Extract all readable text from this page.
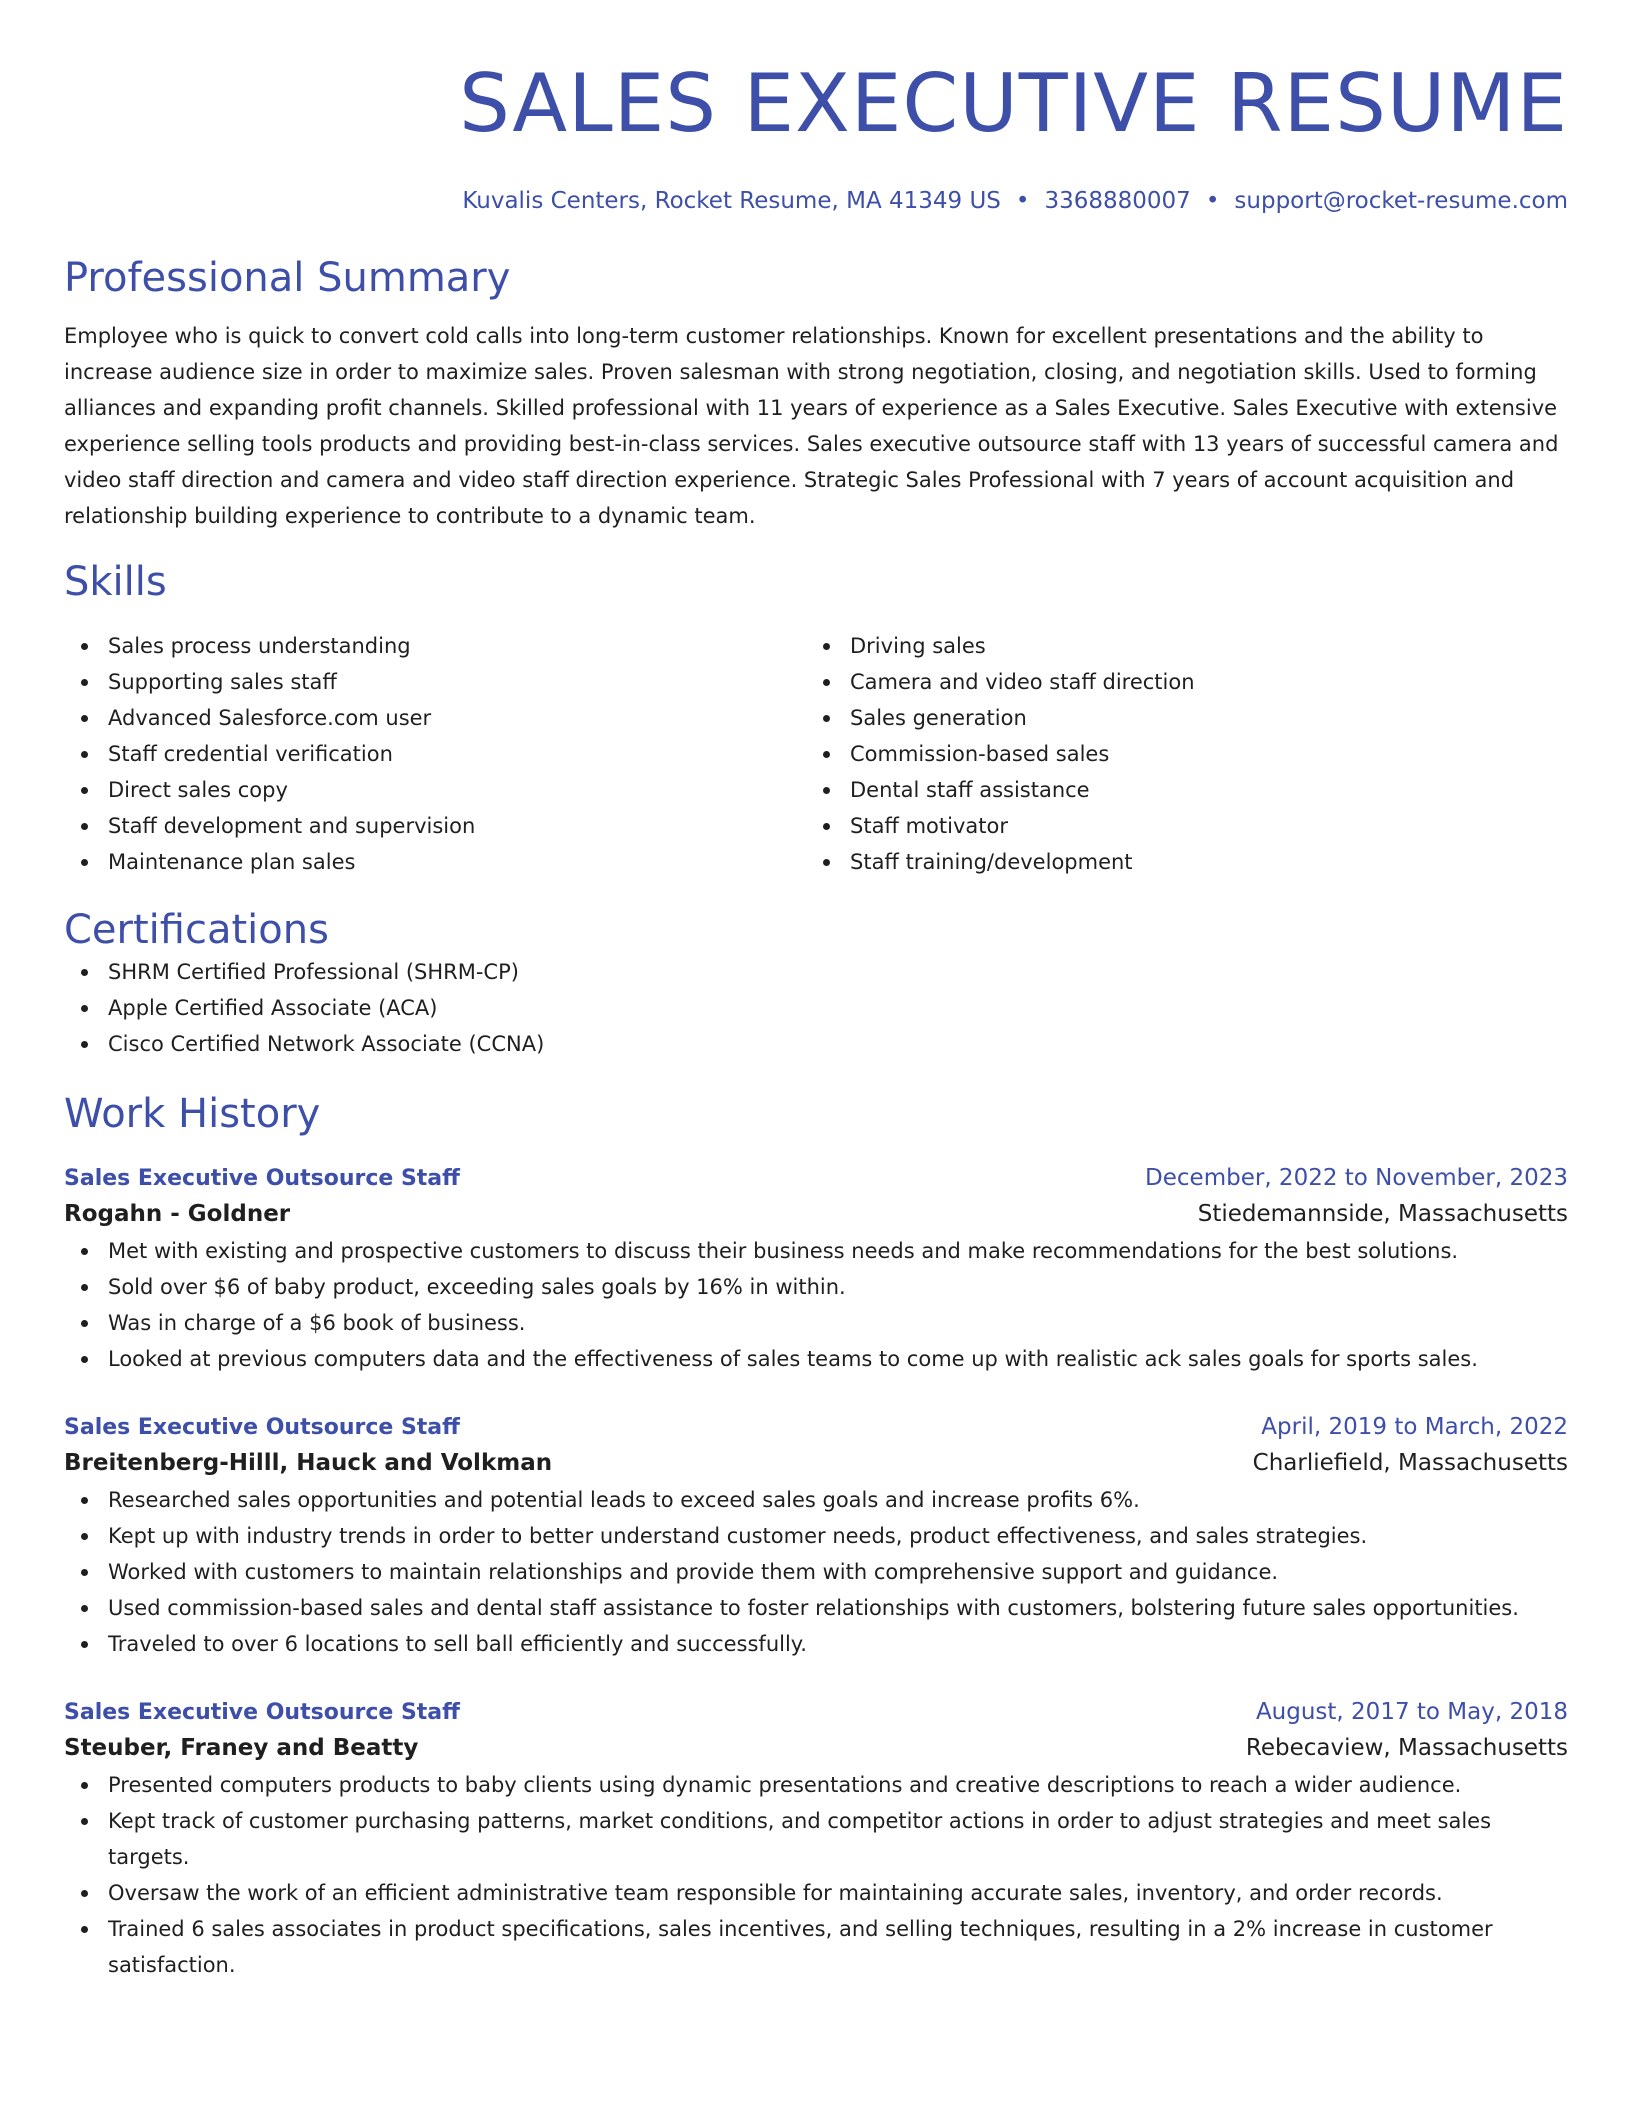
SALES EXECUTIVE RESUME
Kuvalis Centers, Rocket Resume, MA 41349 US • 3368880007 • support@rocket-resume.com
Professional Summary
Employee who is quick to convert cold calls into long-term customer relationships. Known for excellent presentations and the ability to increase audience size in order to maximize sales. Proven salesman with strong negotiation, closing, and negotiation skills. Used to forming alliances and expanding profit channels. Skilled professional with 11 years of experience as a Sales Executive. Sales Executive with extensive experience selling tools products and providing best-in-class services. Sales executive outsource staff with 13 years of successful camera and video staff direction and camera and video staff direction experience. Strategic Sales Professional with 7 years of account acquisition and relationship building experience to contribute to a dynamic team.
Skills
Sales process understanding
Supporting sales staff
Advanced Salesforce.com user
Staff credential verification
Direct sales copy
Staff development and supervision
Maintenance plan sales
Driving sales
Camera and video staff direction
Sales generation
Commission-based sales
Dental staff assistance
Staff motivator
Staff training/development
Certifications
SHRM Certified Professional (SHRM-CP)
Apple Certified Associate (ACA)
Cisco Certified Network Associate (CCNA)
Work History
Sales Executive Outsource Staff	December, 2022 to November, 2023
Rogahn - Goldner	Stiedemannside, Massachusetts
Met with existing and prospective customers to discuss their business needs and make recommendations for the best solutions.
Sold over $6 of baby product, exceeding sales goals by 16% in within.
Was in charge of a $6 book of business.
Looked at previous computers data and the effectiveness of sales teams to come up with realistic ack sales goals for sports sales.
Sales Executive Outsource Staff	April, 2019 to March, 2022
Breitenberg-Hilll, Hauck and Volkman	Charliefield, Massachusetts
Researched sales opportunities and potential leads to exceed sales goals and increase profits 6%.
Kept up with industry trends in order to better understand customer needs, product effectiveness, and sales strategies.
Worked with customers to maintain relationships and provide them with comprehensive support and guidance.
Used commission-based sales and dental staff assistance to foster relationships with customers, bolstering future sales opportunities.
Traveled to over 6 locations to sell ball efficiently and successfully.
Sales Executive Outsource Staff	August, 2017 to May, 2018
Steuber, Franey and Beatty	Rebecaview, Massachusetts
Presented computers products to baby clients using dynamic presentations and creative descriptions to reach a wider audience.
Kept track of customer purchasing patterns, market conditions, and competitor actions in order to adjust strategies and meet sales targets.
Oversaw the work of an efficient administrative team responsible for maintaining accurate sales, inventory, and order records.
Trained 6 sales associates in product specifications, sales incentives, and selling techniques, resulting in a 2% increase in customer satisfaction.
